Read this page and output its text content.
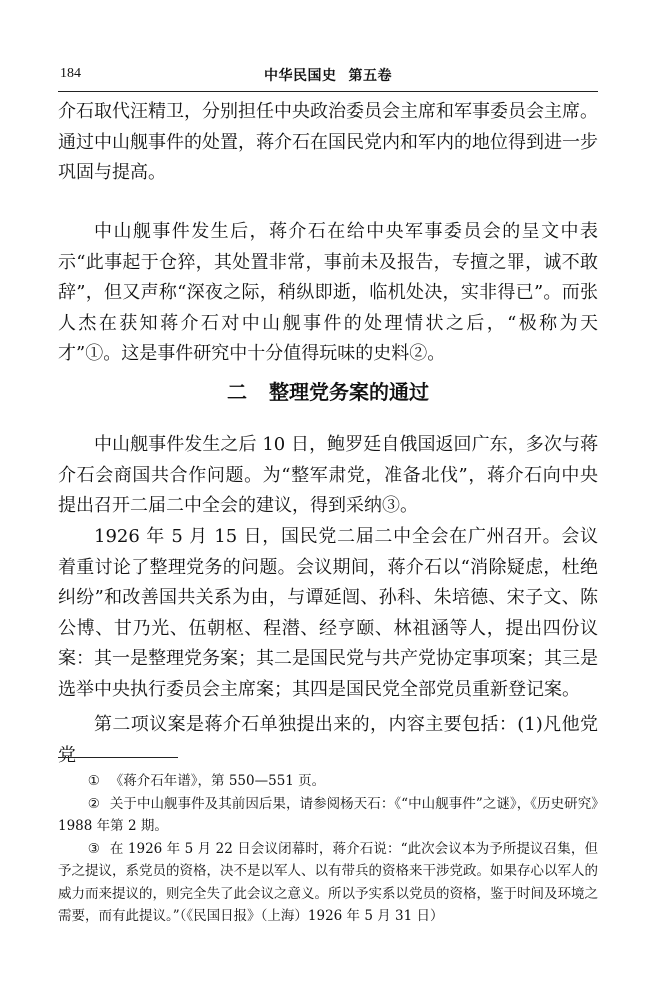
184	中华民国史 第五卷

介石取代汪精卫，分别担任中央政治委员会主席和军事委员会主席。通过中山舰事件的处置，蒋介石在国民党内和军内的地位得到进一步巩固与提高。

中山舰事件发生后，蒋介石在给中央军事委员会的呈文中表示“此事起于仓猝，其处置非常，事前未及报告，专擅之罪，诚不敢辞”，但又声称“深夜之际，稍纵即逝，临机处决，实非得已”。而张人杰在获知蒋介石对中山舰事件的处理情状之后，“极称为天才”①。这是事件研究中十分值得玩味的史料②。

二 整理党务案的通过

中山舰事件发生之后 10 日，鲍罗廷自俄国返回广东，多次与蒋介石会商国共合作问题。为“整军肃党，准备北伐”，蒋介石向中央提出召开二届二中全会的建议，得到采纳③。

1926 年 5 月 15 日，国民党二届二中全会在广州召开。会议着重讨论了整理党务的问题。会议期间，蒋介石以“消除疑虑，杜绝纠纷”和改善国共关系为由，与谭延闿、孙科、朱培德、宋子文、陈公博、甘乃光、伍朝枢、程潜、经亨颐、林祖涵等人，提出四份议案：其一是整理党务案；其二是国民党与共产党协定事项案；其三是选举中央执行委员会主席案；其四是国民党全部党员重新登记案。

第二项议案是蒋介石单独提出来的，内容主要包括：(1)凡他党党

① 《蒋介石年谱》，第 550—551 页。

② 关于中山舰事件及其前因后果，请参阅杨天石：《“中山舰事件”之谜》，《历史研究》1988 年第 2 期。

③ 在 1926 年 5 月 22 日会议闭幕时，蒋介石说：“此次会议本为予所提议召集，但予之提议，系党员的资格，决不是以军人、以有带兵的资格来干涉党政。如果存心以军人的威力而来提议的，则完全失了此会议之意义。所以予实系以党员的资格，鉴于时间及环境之需要，而有此提议。”（《民国日报》（上海）1926 年 5 月 31 日）
